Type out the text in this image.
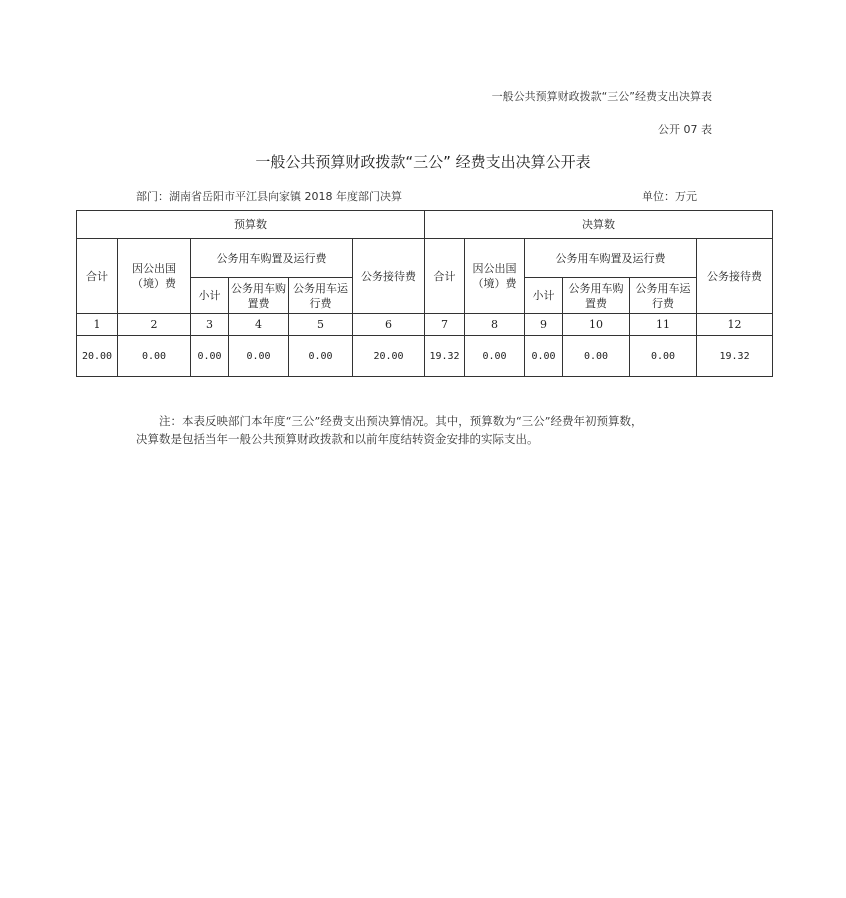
一般公共预算财政拨款“三公”经费支出决算表
公开 07 表
一般公共预算财政拨款“三公” 经费支出决算公开表
部门：湖南省岳阳市平江县向家镇 2018 年度部门决算	单位：万元
预算数						决算数					
合计	因公出国（境）费	公务用车购置及运行费			公务接待费	合计	因公出国（境）费	公务用车购置及运行费			公务接待费
		小计	公务用车购置费	公务用车运行费				小计	公务用车购置费	公务用车运行费	
1	2	3	4	5	6	7	8	9	10	11	12
20.00	0.00	0.00	0.00	0.00	20.00	19.32	0.00	0.00	0.00	0.00	19.32
注：本表反映部门本年度“三公”经费支出预决算情况。其中，预算数为“三公”经费年初预算数，
决算数是包括当年一般公共预算财政拨款和以前年度结转资金安排的实际支出。
